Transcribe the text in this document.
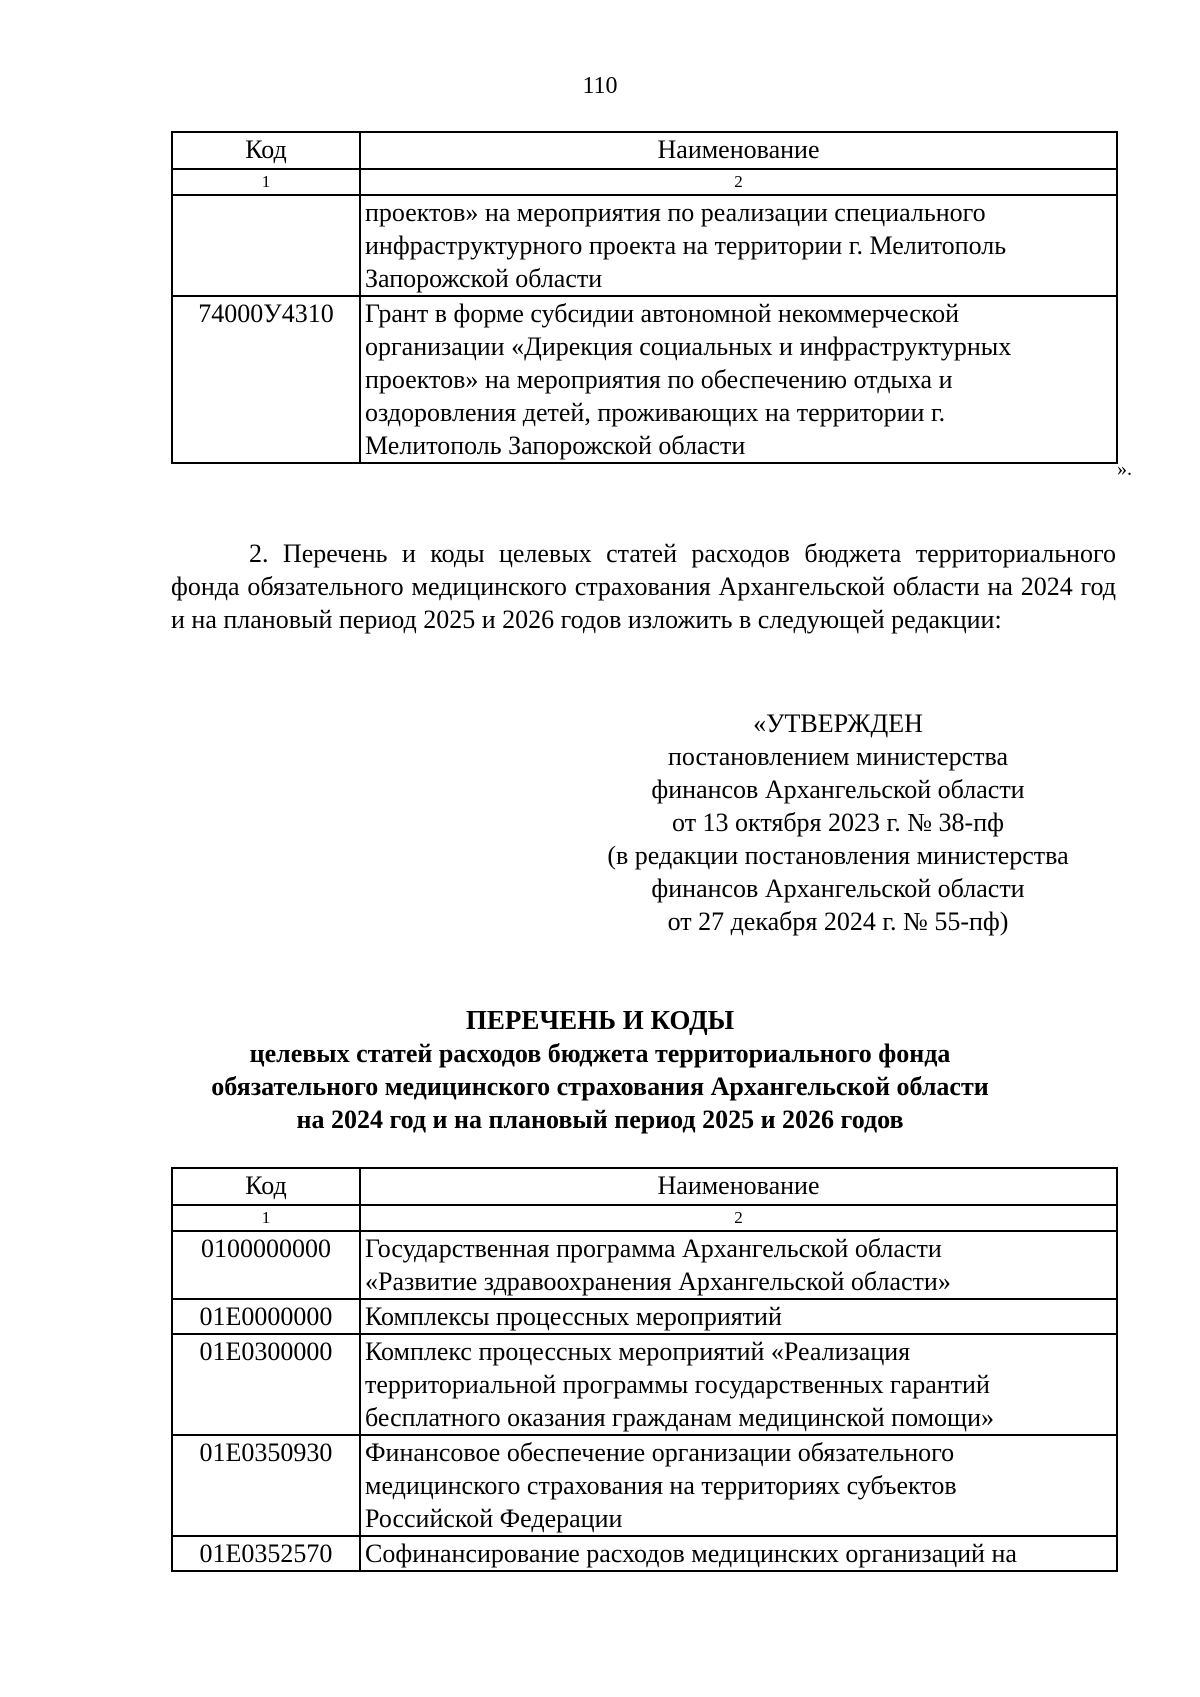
110
Код	Наименование
1	2

	проектов» на мероприятия по реализации специального
инфраструктурного проекта на территории г. Мелитополь
Запорожской области

74000У4310	Грант в форме субсидии автономной некоммерческой
организации «Дирекция социальных и инфраструктурных
проектов» на мероприятия по обеспечению отдыха и
оздоровления детей, проживающих на территории г.
Мелитополь Запорожской области
».
2. Перечень и коды целевых статей расходов бюджета территориального фонда обязательного медицинского страхования Архангельской области на 2024 год и на плановый период 2025 и 2026 годов изложить в следующей редакции:
«УТВЕРЖДЕН
постановлением министерства
финансов Архангельской области
от 13 октября 2023 г. № 38-пф
(в редакции постановления министерства
финансов Архангельской области
от 27 декабря 2024 г. № 55-пф)
ПЕРЕЧЕНЬ И КОДЫ
целевых статей расходов бюджета территориального фонда
обязательного медицинского страхования Архангельской области
на 2024 год и на плановый период 2025 и 2026 годов
Код	Наименование
1	2
0100000000	Государственная программа Архангельской области
«Развитие здравоохранения Архангельской области»

01Е0000000	Комплексы процессных мероприятий

01Е0300000	Комплекс процессных мероприятий «Реализация
территориальной программы государственных гарантий
бесплатного оказания гражданам медицинской помощи»

01Е0350930	Финансовое обеспечение организации обязательного
медицинского страхования на территориях субъектов
Российской Федерации

01Е0352570	Софинансирование расходов медицинских организаций на
